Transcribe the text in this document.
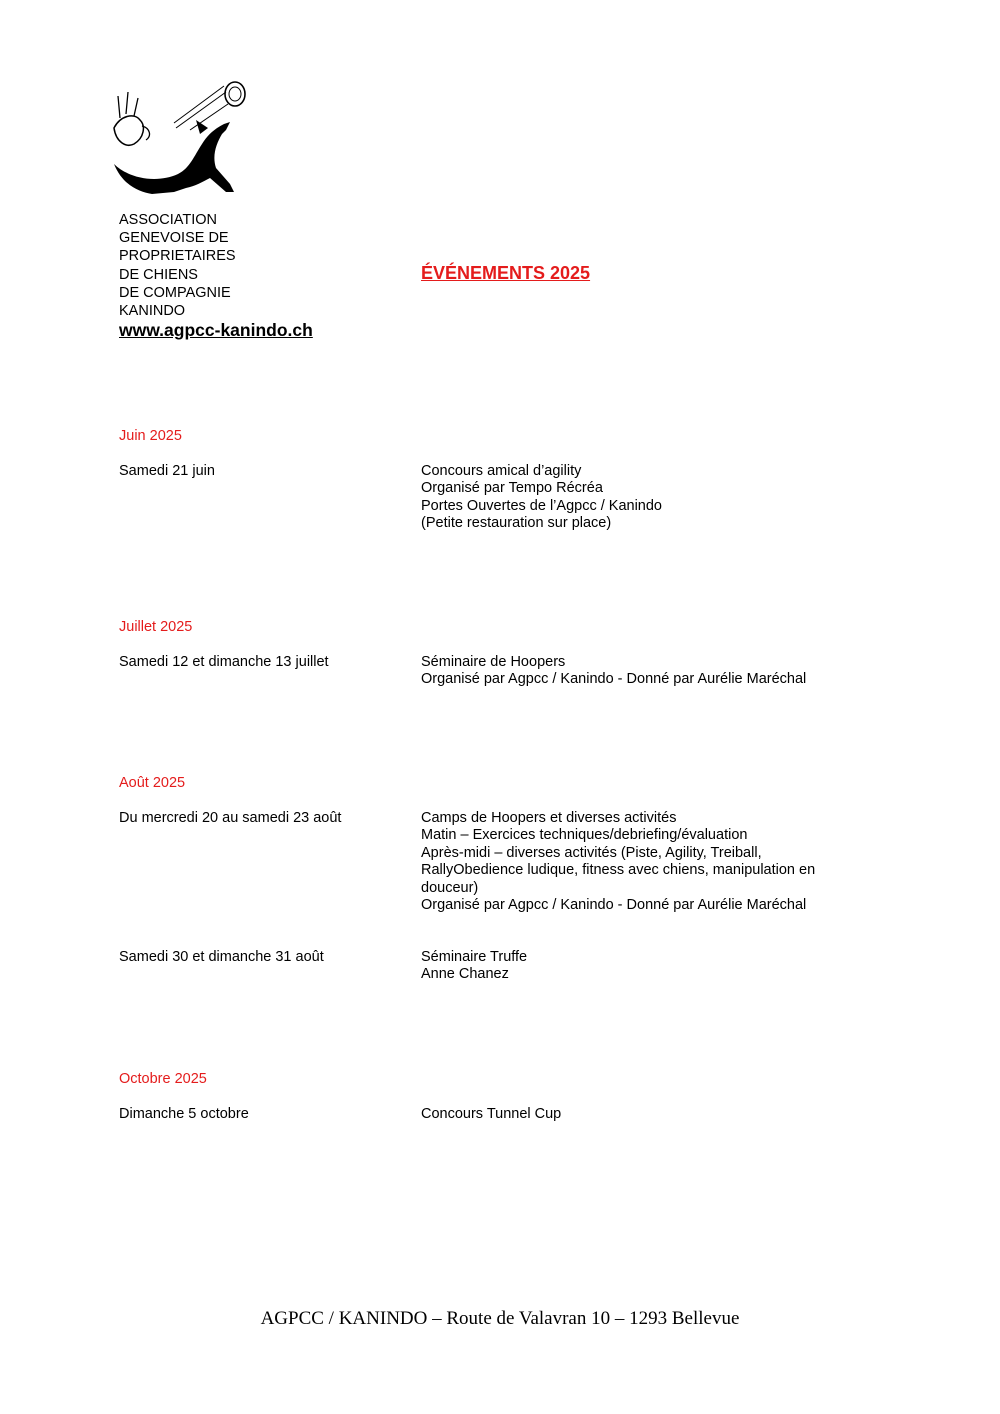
ASSOCIATION
GENEVOISE DE
PROPRIETAIRES
DE CHIENS
DE COMPAGNIE
KANINDO
www.agpcc-kanindo.ch
ÉVÉNEMENTS 2025
Juin 2025
Samedi 21 juin	Concours amical d’agility
Organisé par Tempo Récréa
Portes Ouvertes de l’Agpcc / Kanindo
(Petite restauration sur place)
Juillet 2025
Samedi 12 et dimanche 13 juillet	Séminaire de Hoopers
Organisé par Agpcc / Kanindo - Donné par Aurélie Maréchal
Août 2025
Du mercredi 20 au samedi 23 août	Camps de Hoopers et diverses activités
Matin – Exercices techniques/debriefing/évaluation
Après-midi – diverses activités (Piste, Agility, Treiball,
RallyObedience ludique, fitness avec chiens, manipulation en
douceur)
Organisé par Agpcc / Kanindo - Donné par Aurélie Maréchal
Samedi 30 et dimanche 31 août	Séminaire Truffe
Anne Chanez
Octobre 2025
Dimanche 5 octobre	Concours Tunnel Cup
AGPCC / KANINDO – Route de Valavran 10 – 1293 Bellevue
